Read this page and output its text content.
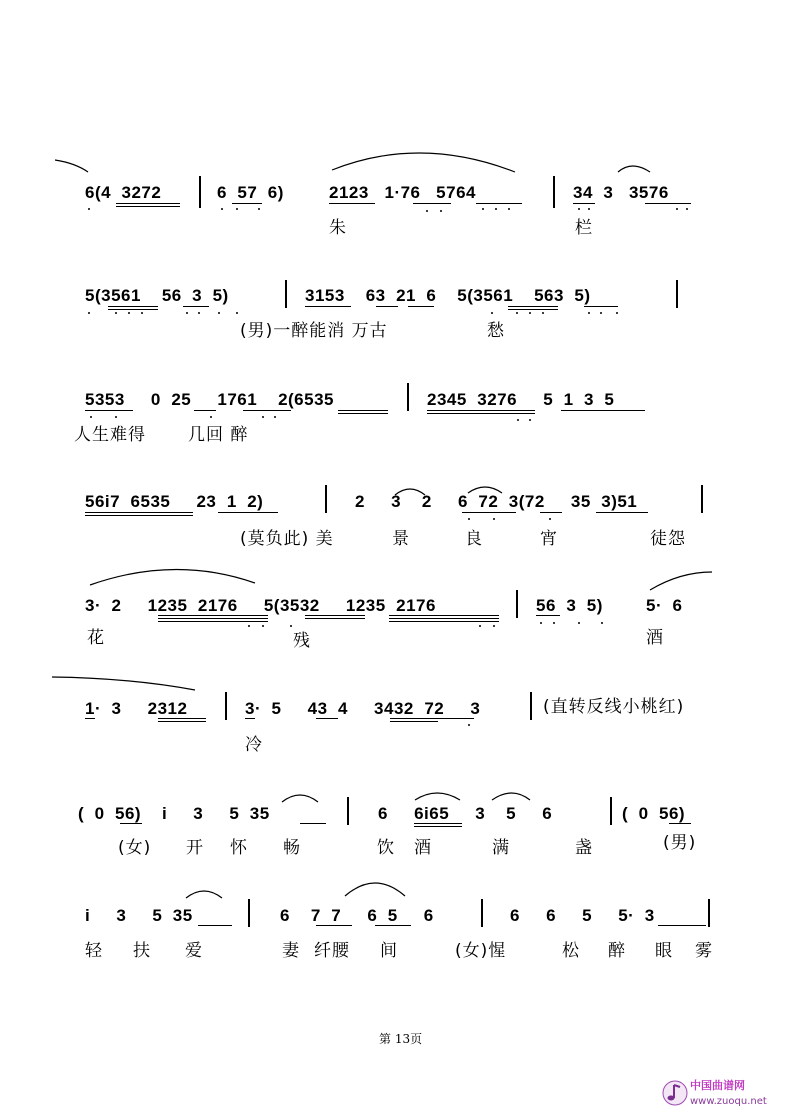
6(4  3272	6  57  6)	2123   1·76   5764	34  3   3576
朱	栏
5(3561    56  3  5)	3153    63  21  6    5(3561    563  5)
(男)一醉能消 万古	愁
5353     0  25     1761    2(6535	2345  3276     5  1  3  5
人生难得 几回 醉
56i7  6535     23  1  2)	2     3    2     6  72  3(72     35  3)51
(莫负此) 美	景	良	宵	徒怨
3·  2     1235  2176     5(3532     1235  2176	56  3  5)	5·  6
花	残	酒
1·  3     2312	3·  5     43  4     3432  72     3	(直转反线小桃红)
冷
(  0  56)    i     3     5  35	6     6i65     3    5     6	(  0  56)
(女) 开 怀 畅	饮 酒	满	盏	(男)
i     3     5  35	6    7  7     6  5     6	6     6     5     5·  3
轻 扶 爱	妻 纤腰 间	(女)惺	松 醉 眼 雾
第 13页
中国曲谱网
www.zuoqu.net
